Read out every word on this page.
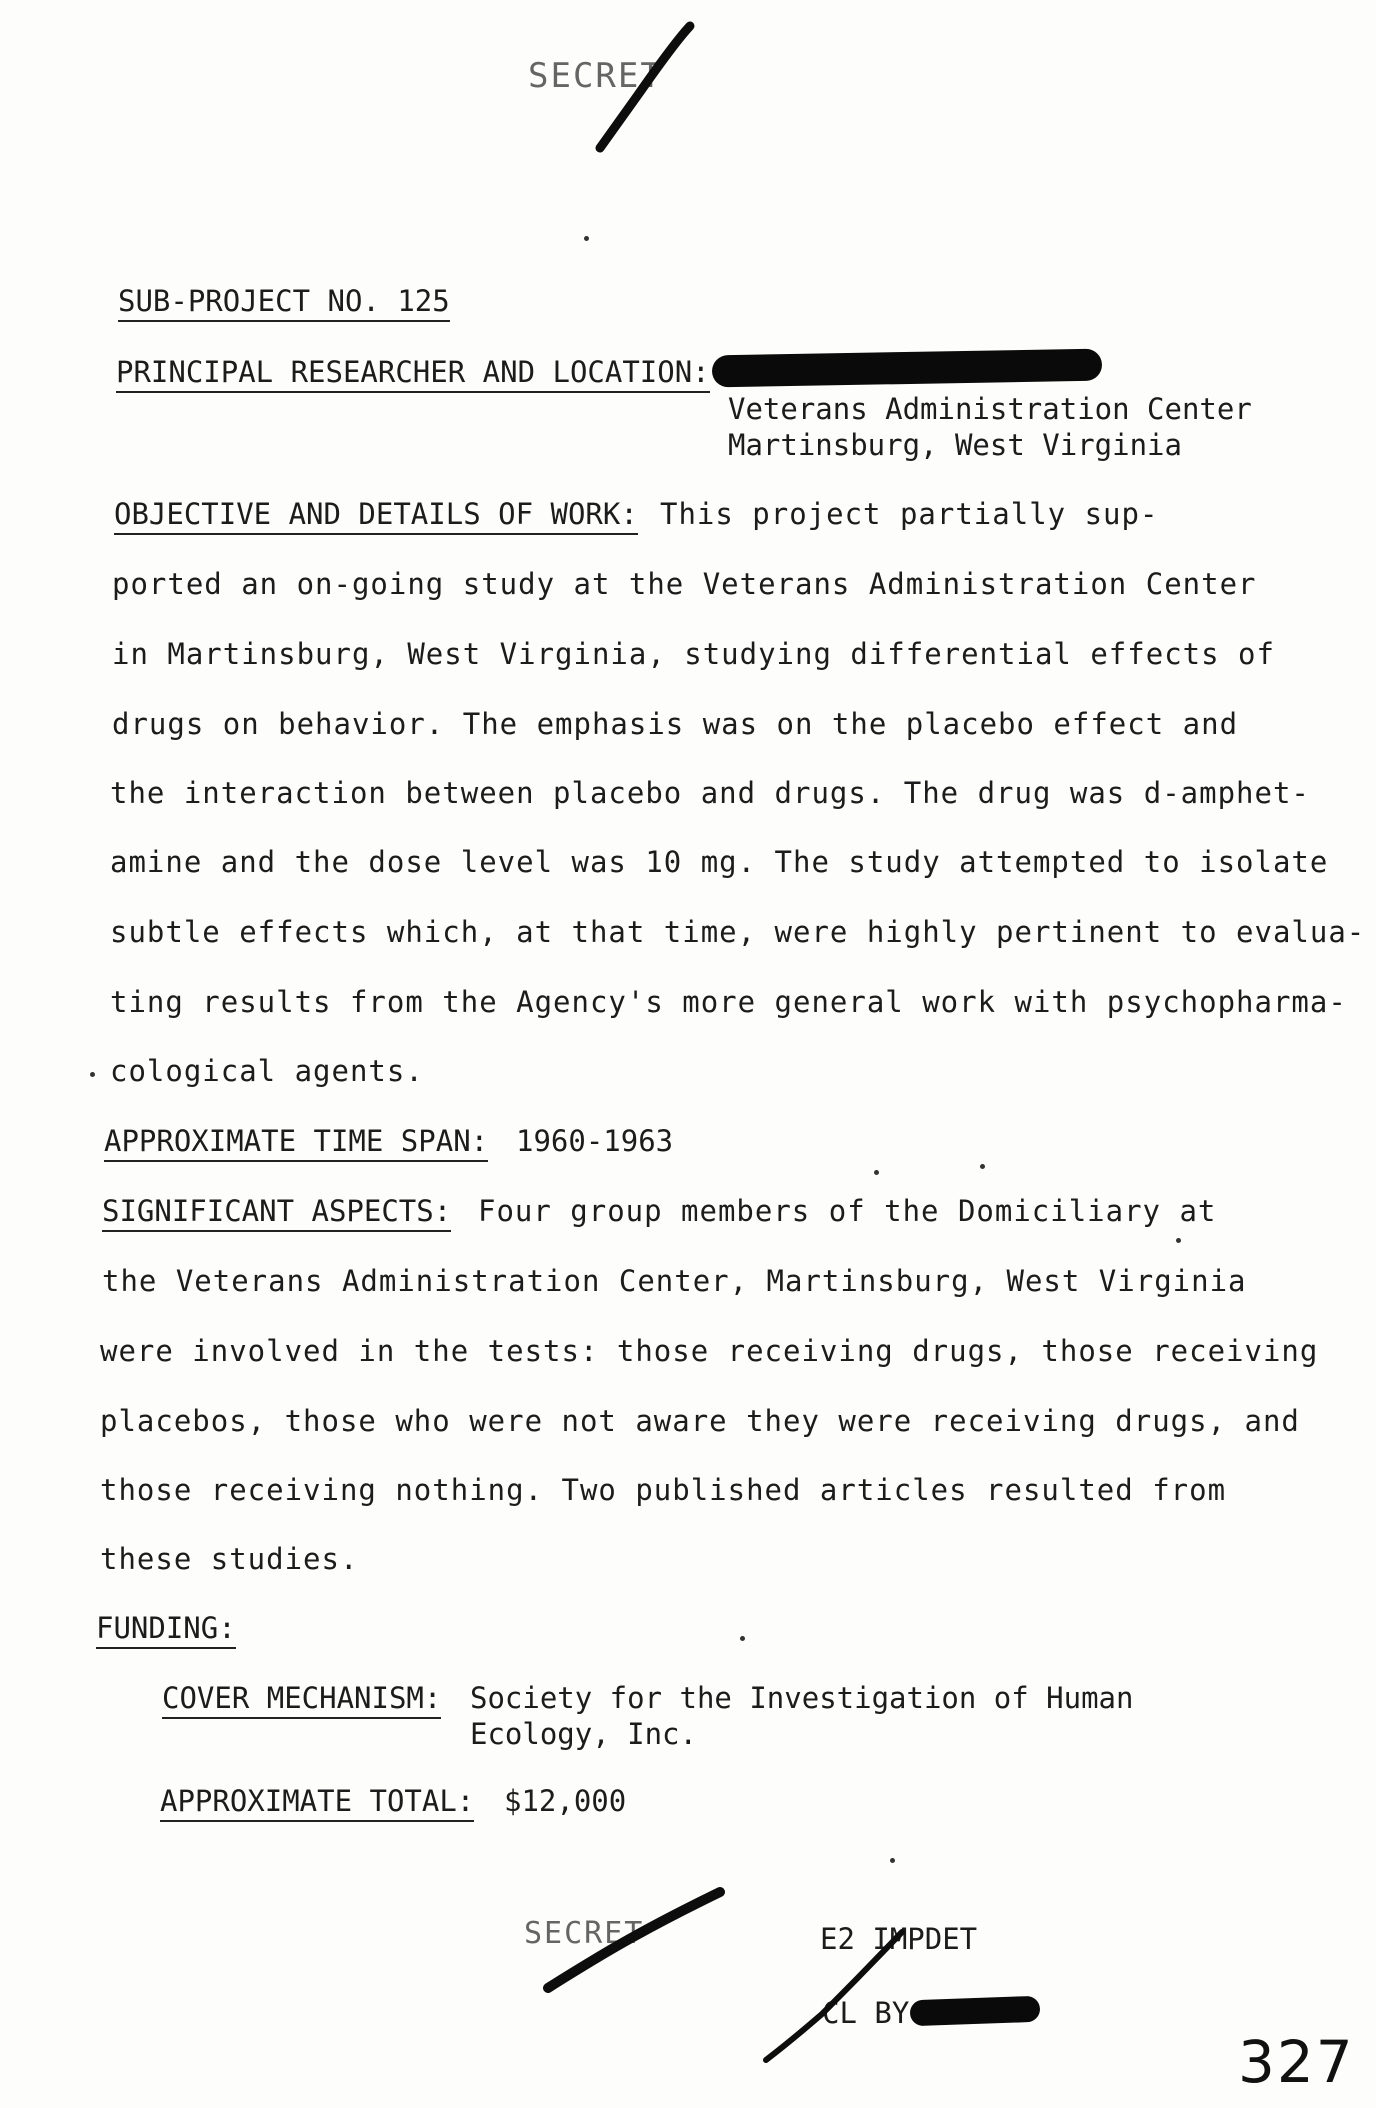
SECRET
SUB-PROJECT NO. 125
PRINCIPAL RESEARCHER AND LOCATION:
Veterans Administration Center
Martinsburg, West Virginia
OBJECTIVE AND DETAILS OF WORK: This project partially sup-
ported an on-going study at the Veterans Administration Center
in Martinsburg, West Virginia, studying differential effects of
drugs on behavior. The emphasis was on the placebo effect and
the interaction between placebo and drugs. The drug was d-amphet-
amine and the dose level was 10 mg. The study attempted to isolate
subtle effects which, at that time, were highly pertinent to evalua-
ting results from the Agency's more general work with psychopharma-
cological agents.
APPROXIMATE TIME SPAN: 1960-1963
SIGNIFICANT ASPECTS: Four group members of the Domiciliary at
the Veterans Administration Center, Martinsburg, West Virginia
were involved in the tests: those receiving drugs, those receiving
placebos, those who were not aware they were receiving drugs, and
those receiving nothing. Two published articles resulted from
these studies.
FUNDING:
COVER MECHANISM: Society for the Investigation of Human
Ecology, Inc.
APPROXIMATE TOTAL: $12,000
SECRET	E2 IMPDET
CL BY
327
